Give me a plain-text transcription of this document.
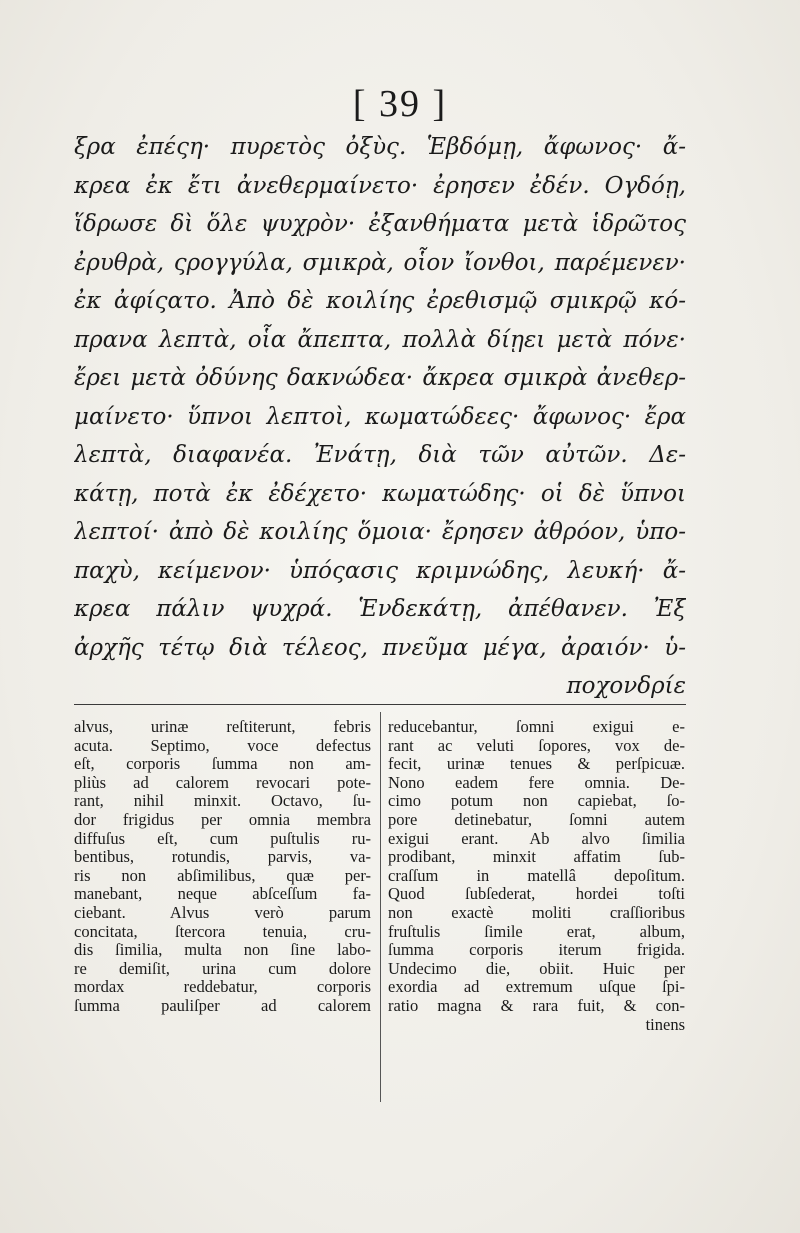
[ 39 ]
ξρα ἐπέςη· πυρετὸς ὀξὺς. Ἑβδόμῃ, ἄφωνος· ἄ-
κρεα ἐκ ἔτι ἀνεθερμαίνετο· ἐρησεν ἐδέν. Ογδόῃ,
ἵδρωσε δὶ ὅλε ψυχρὸν· ἐξανθήματα μετὰ ἱδρῶτος
ἐρυθρὰ, ςρογγύλα, σμικρὰ, οἷον ἴονθοι, παρέμενεν·
ἐκ ἀφίςατο. Ἀπὸ δὲ κοιλίης ἐρεθισμῷ σμικρῷ κό-
πρανα λεπτὰ, οἷα ἄπεπτα, πολλὰ δίῃει μετὰ πόνε·
ἔρει μετὰ ὀδύνης δακνώδεα· ἄκρεα σμικρὰ ἀνεθερ-
μαίνετο· ὕπνοι λεπτοὶ, κωματώδεες· ἄφωνος· ἔρα
λεπτὰ, διαφανέα. Ἐνάτῃ, διὰ τῶν αὐτῶν. Δε-
κάτῃ, ποτὰ ἐκ ἐδέχετο· κωματώδης· οἱ δὲ ὕπνοι
λεπτοί· ἀπὸ δὲ κοιλίης ὅμοια· ἔρησεν ἀθρόον, ὑπο-
παχὺ, κείμενον· ὑπόςασις κριμνώδης, λευκή· ἄ-
κρεα πάλιν ψυχρά. Ἑνδεκάτῃ, ἀπέθανεν. Ἐξ
ἀρχῆς τέτῳ διὰ τέλεος, πνεῦμα μέγα, ἀραιόν· ὑ-
ποχονδρίε
alvus, urinæ reſtiterunt, febris
acuta. Septimo, voce defectus
eſt, corporis ſumma non am-
pliùs ad calorem revocari pote-
rant, nihil minxit. Octavo, ſu-
dor frigidus per omnia membra
diffuſus eſt, cum puſtulis ru-
bentibus, rotundis, parvis, va-
ris non abſimilibus, quæ per-
manebant, neque abſceſſum fa-
ciebant. Alvus verò parum
concitata, ſtercora tenuia, cru-
dis ſimilia, multa non ſine labo-
re demiſit, urina cum dolore
mordax reddebatur, corporis
ſumma pauliſper ad calorem
reducebantur, ſomni exigui e-
rant ac veluti ſopores, vox de-
fecit, urinæ tenues & perſpicuæ.
Nono eadem fere omnia. De-
cimo potum non capiebat, ſo-
pore detinebatur, ſomni autem
exigui erant. Ab alvo ſimilia
prodibant, minxit affatim ſub-
craſſum in matellâ depoſitum.
Quod ſubſederat, hordei toſti
non exactè moliti craſſioribus
fruſtulis ſimile erat, album,
ſumma corporis iterum frigida.
Undecimo die, obiit. Huic per
exordia ad extremum uſque ſpi-
ratio magna & rara fuit, & con-
tinens
